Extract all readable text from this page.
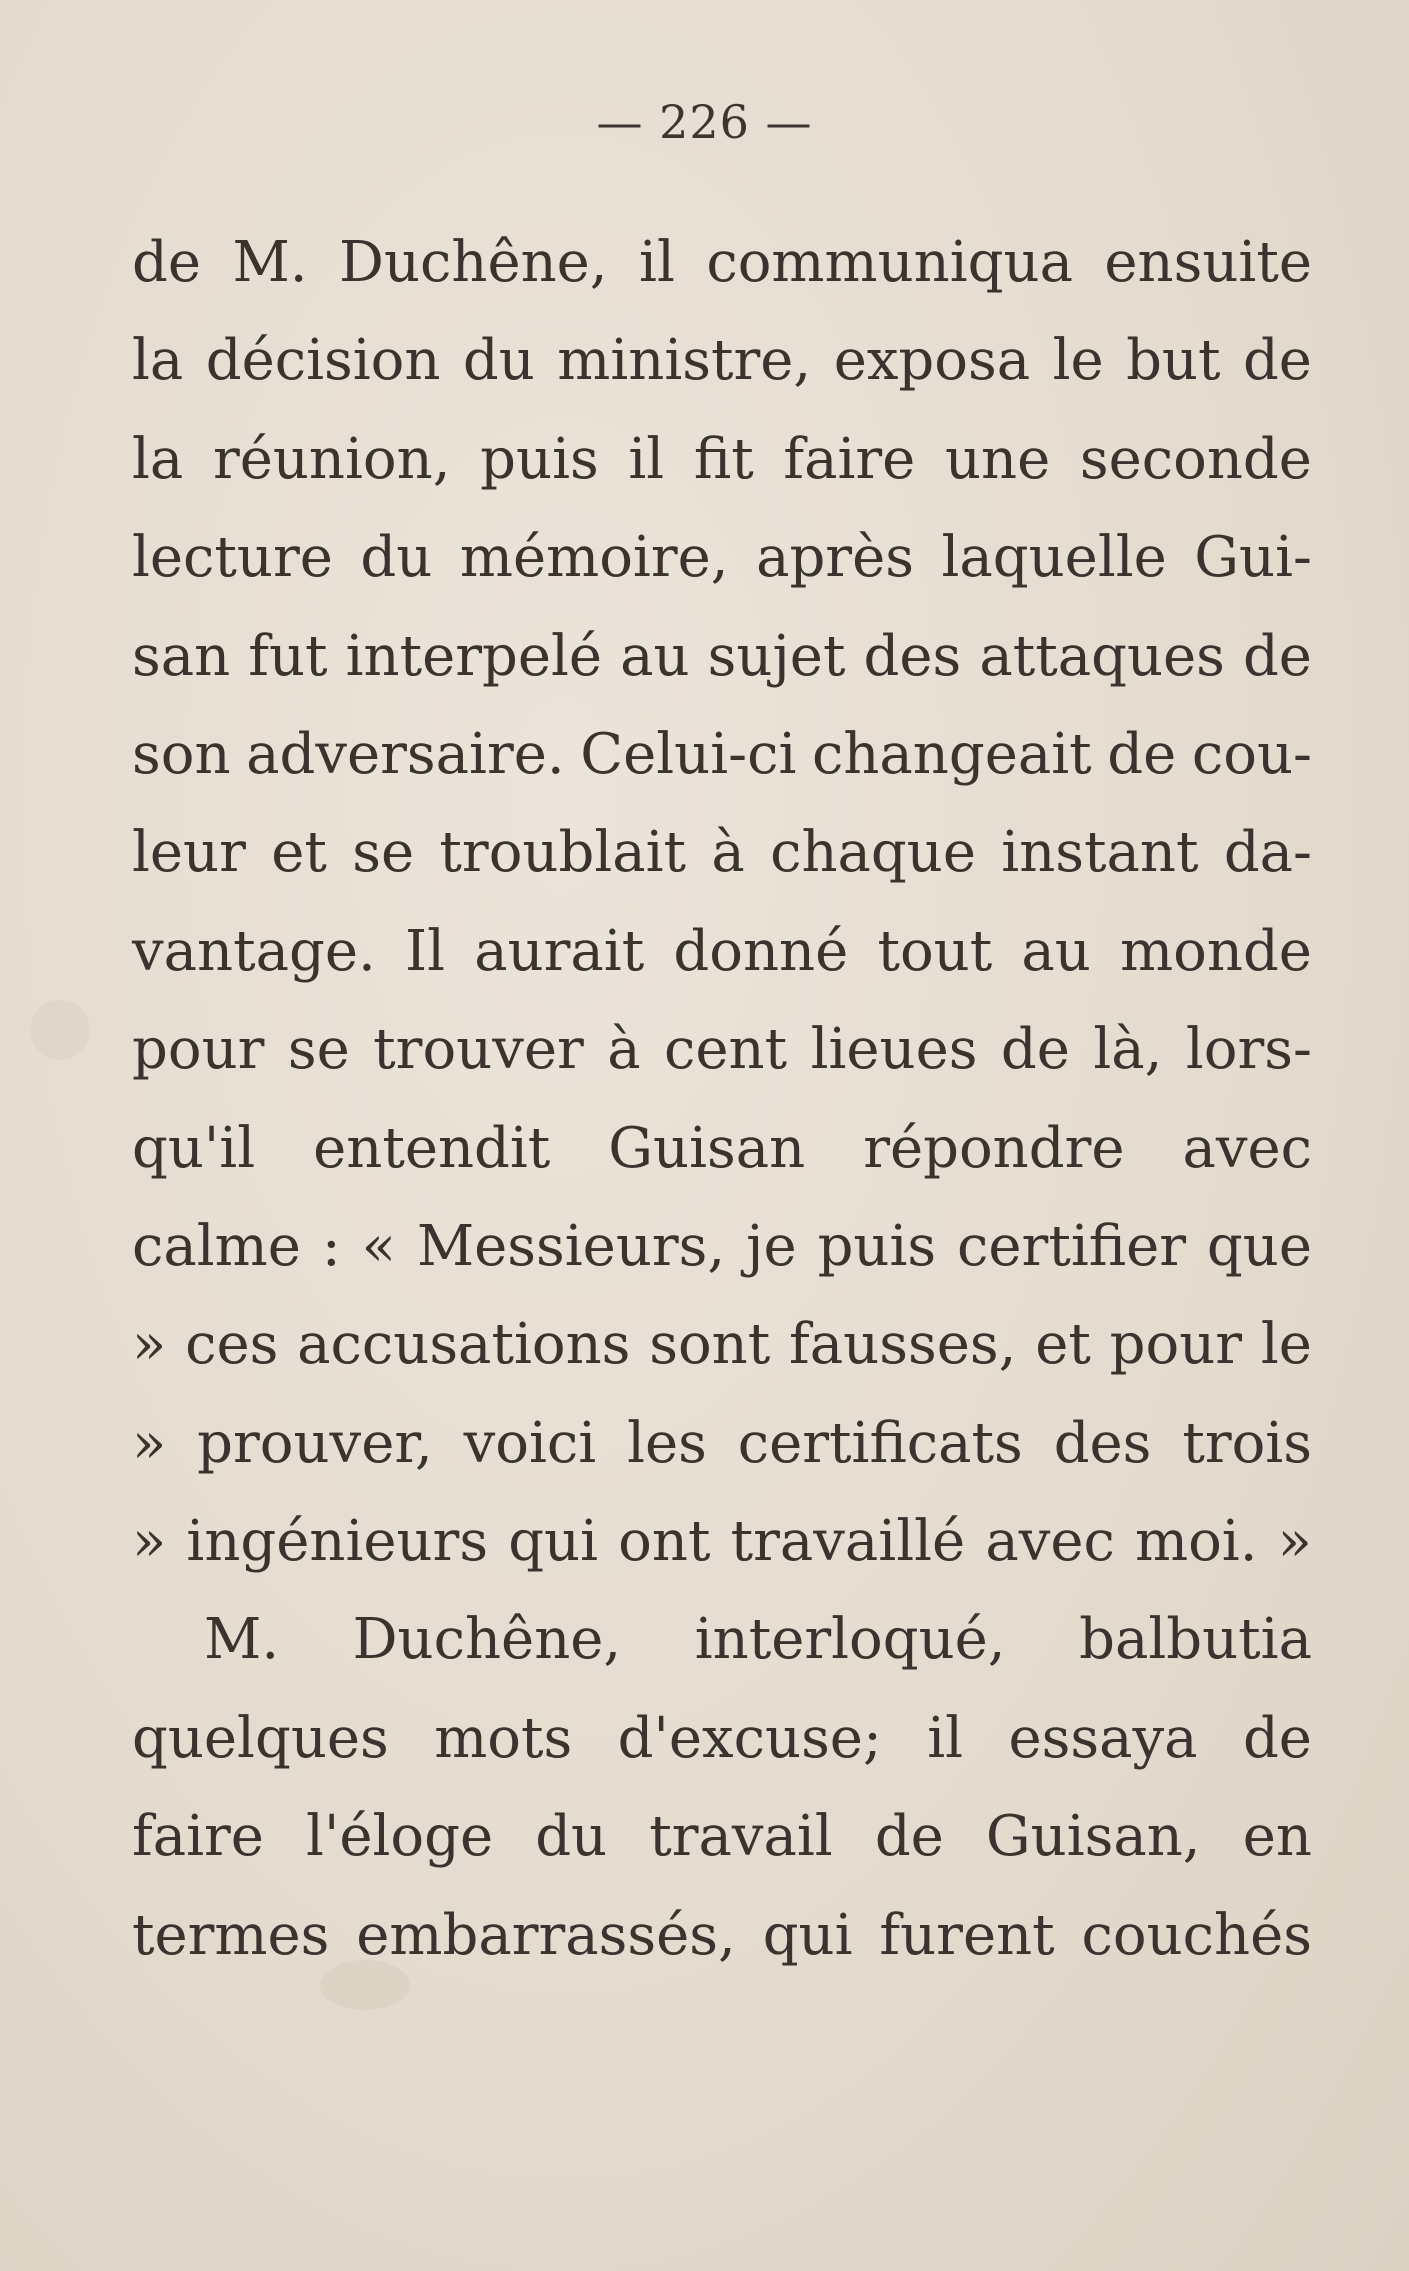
— 226 —
de M. Duchêne, il communiqua ensuite
la décision du ministre, exposa le but de
la réunion, puis il fit faire une seconde
lecture du mémoire, après laquelle Gui-
san fut interpelé au sujet des attaques de
son adversaire. Celui-ci changeait de cou-
leur et se troublait à chaque instant da-
vantage. Il aurait donné tout au monde
pour se trouver à cent lieues de là, lors-
qu'il entendit Guisan répondre avec
calme : « Messieurs, je puis certifier que
» ces accusations sont fausses, et pour le
» prouver, voici les certificats des trois
» ingénieurs qui ont travaillé avec moi. »
M. Duchêne, interloqué, balbutia
quelques mots d'excuse; il essaya de
faire l'éloge du travail de Guisan, en
termes embarrassés, qui furent couchés
